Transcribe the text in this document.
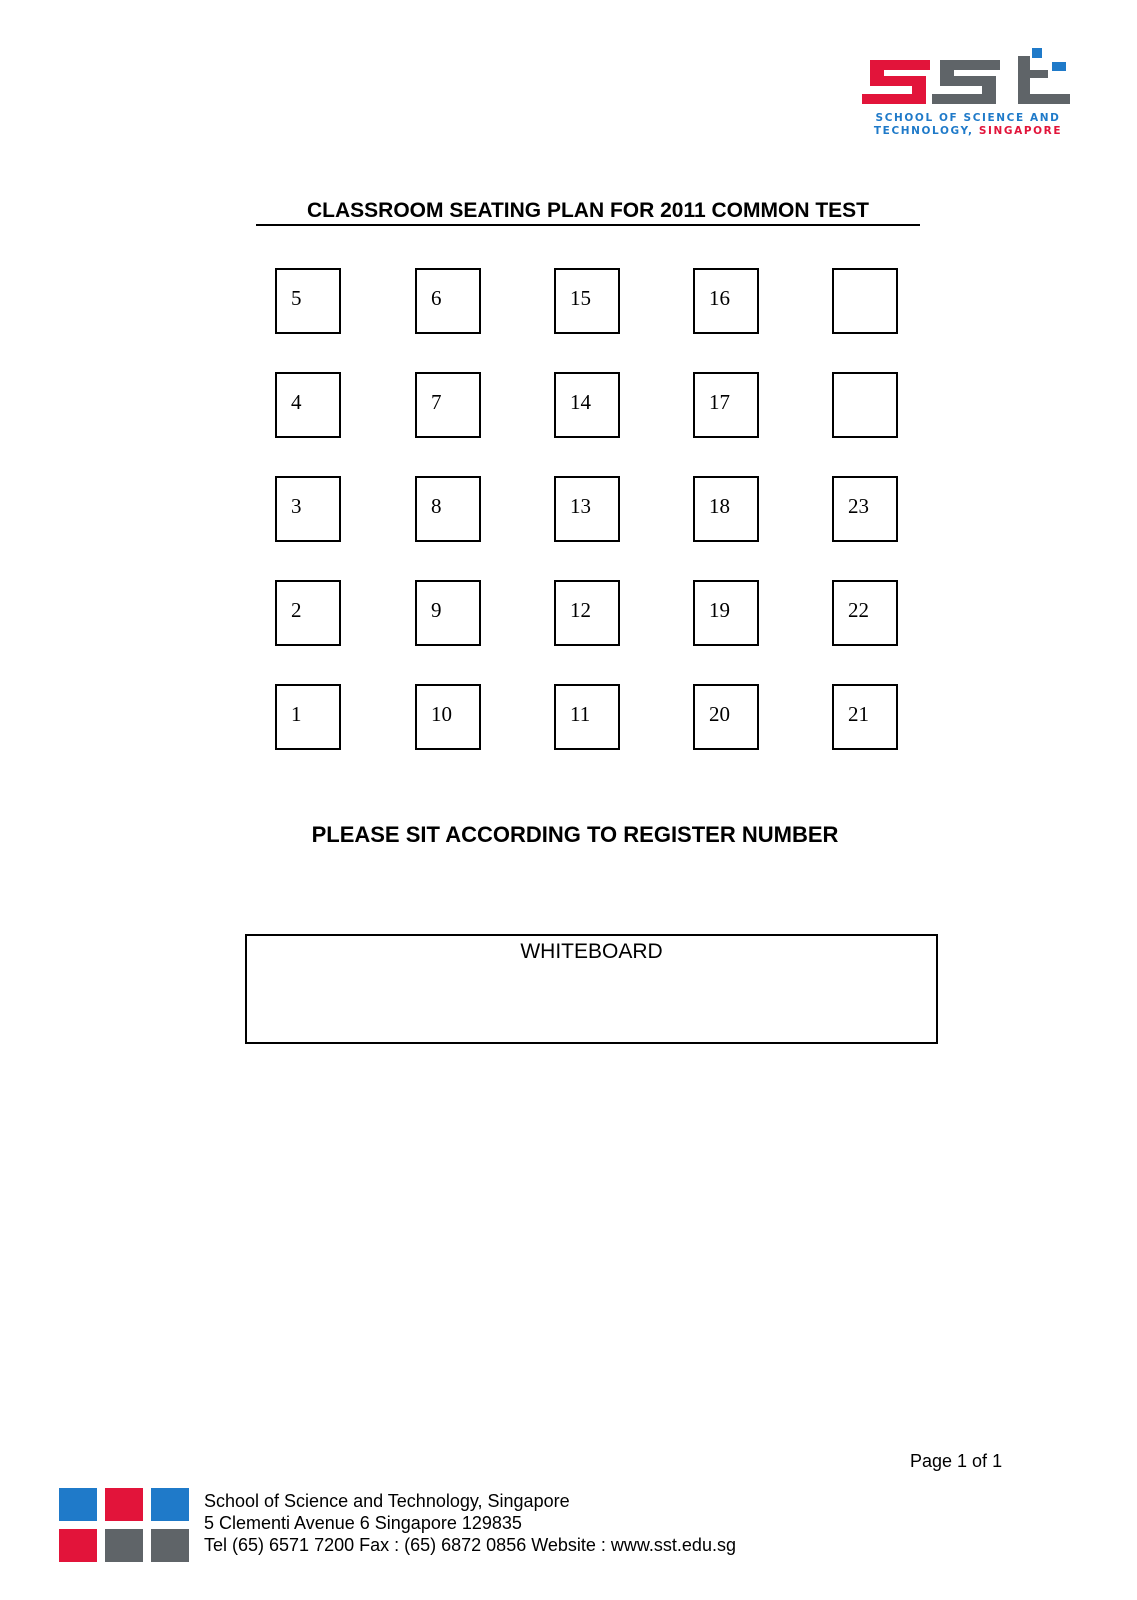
SCHOOL OF SCIENCE AND
TECHNOLOGY, SINGAPORE
CLASSROOM SEATING PLAN FOR 2011 COMMON TEST
5	6	15	16
4	7	14	17
3	8	13	18	23
2	9	12	19	22
1	10	11	20	21
PLEASE SIT ACCORDING TO REGISTER NUMBER
WHITEBOARD
Page 1 of 1
School of Science and Technology, Singapore
5 Clementi Avenue 6 Singapore 129835
Tel (65) 6571 7200 Fax : (65) 6872 0856 Website : www.sst.edu.sg
